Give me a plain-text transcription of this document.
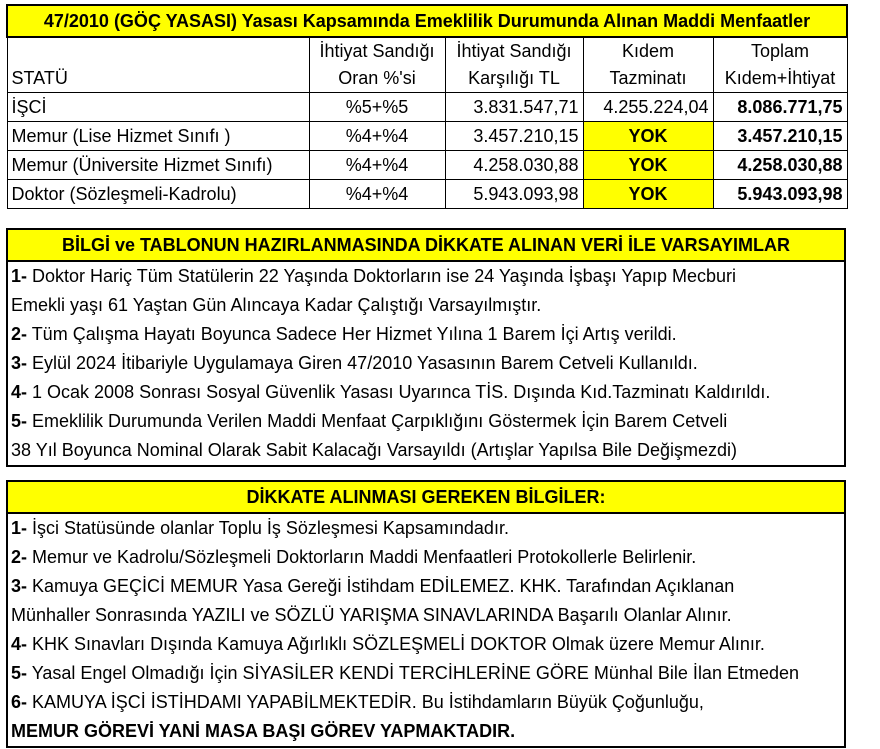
47/2010 (GÖÇ YASASI) Yasası Kapsamında Emeklilik Durumunda Alınan Maddi Menfaatler				
	İhtiyat Sandığı	İhtiyat Sandığı	Kıdem	Toplam
STATÜ	Oran %'si	Karşılığı TL	Tazminatı	Kıdem+İhtiyat
İŞCİ	%5+%5	3.831.547,71	4.255.224,04	8.086.771,75
Memur (Lise Hizmet Sınıfı )	%4+%4	3.457.210,15	YOK	3.457.210,15
Memur (Üniversite Hizmet Sınıfı)	%4+%4	4.258.030,88	YOK	4.258.030,88
Doktor (Sözleşmeli-Kadrolu)	%4+%4	5.943.093,98	YOK	5.943.093,98
BİLGİ ve TABLONUN HAZIRLANMASINDA DİKKATE ALINAN VERİ İLE VARSAYIMLAR
1- Doktor Hariç Tüm Statülerin 22 Yaşında Doktorların ise 24 Yaşında İşbaşı Yapıp Mecburi
Emekli yaşı 61 Yaştan Gün Alıncaya Kadar Çalıştığı Varsayılmıştır.
2- Tüm Çalışma Hayatı Boyunca Sadece Her Hizmet Yılına 1 Barem İçi Artış verildi.
3- Eylül 2024 İtibariyle Uygulamaya Giren 47/2010 Yasasının Barem Cetveli Kullanıldı.
4- 1 Ocak 2008 Sonrası Sosyal Güvenlik Yasası Uyarınca TİS. Dışında Kıd.Tazminatı Kaldırıldı.
5- Emeklilik Durumunda Verilen Maddi Menfaat Çarpıklığını Göstermek İçin Barem Cetveli
38 Yıl Boyunca Nominal Olarak Sabit Kalacağı Varsayıldı (Artışlar Yapılsa Bile Değişmezdi)
DİKKATE ALINMASI GEREKEN BİLGİLER:
1- İşci Statüsünde olanlar Toplu İş Sözleşmesi Kapsamındadır.
2- Memur ve Kadrolu/Sözleşmeli Doktorların Maddi Menfaatleri Protokollerle Belirlenir.
3- Kamuya GEÇİCİ MEMUR Yasa Gereği İstihdam EDİLEMEZ. KHK. Tarafından Açıklanan
Münhaller Sonrasında YAZILI ve SÖZLÜ YARIŞMA SINAVLARINDA Başarılı Olanlar Alınır.
4- KHK Sınavları Dışında Kamuya Ağırlıklı SÖZLEŞMELİ DOKTOR Olmak üzere Memur Alınır.
5- Yasal Engel Olmadığı İçin SİYASİLER KENDİ TERCİHLERİNE GÖRE Münhal Bile İlan Etmeden
6- KAMUYA İŞCİ İSTİHDAMI YAPABİLMEKTEDİR. Bu İstihdamların Büyük Çoğunluğu,
MEMUR GÖREVİ YANİ MASA BAŞI GÖREV YAPMAKTADIR.
